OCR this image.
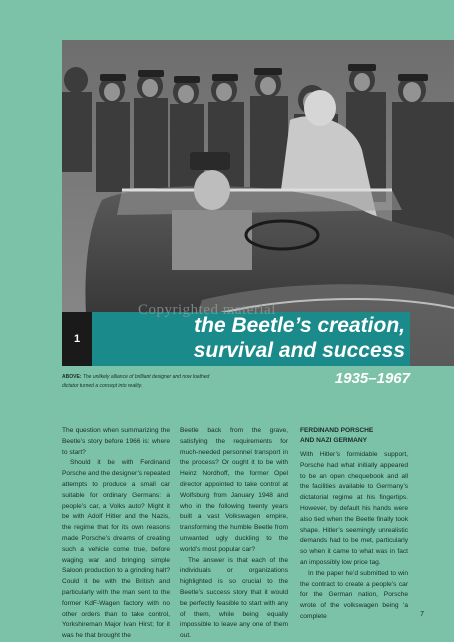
Copyrighted material
1
the Beetle’s creation,
survival and success
1935–1967
ABOVE: The unlikely alliance of brilliant designer and now loathed dictator turned a concept into reality.

The question when summarizing the Beetle’s story before 1966 is: where to start?

Should it be with Ferdinand Porsche and the designer’s repeated attempts to produce a small car suitable for ordinary Germans: a people’s car, a Volks auto? Might it be with Adolf Hitler and the Nazis, the regime that for its own reasons made Porsche’s dreams of creating such a vehicle come true, before waging war and bringing simple Saloon production to a grinding halt? Could it be with the British and particularly with the man sent to the former KdF-Wagen factory with no other orders than to take control, Yorkshireman Major Ivan Hirst; for it was he that brought the

Beetle back from the grave, satisfying the requirements for much-needed personnel transport in the process? Or ought it to be with Heinz Nordhoff, the former Opel director appointed to take control at Wolfsburg from January 1948 and who in the following twenty years built a vast Volkswagen empire, transforming the humble Beetle from unwanted ugly duckling to the world’s most popular car?

The answer is that each of the individuals or organizations highlighted is so crucial to the Beetle’s success story that it would be perfectly feasible to start with any of them, while being equally impossible to leave any one of them out.

FERDINAND PORSCHE
AND NAZI GERMANY

With Hitler’s formidable support, Porsche had what initially appeared to be an open chequebook and all the facilities available to Germany’s dictatorial regime at his fingertips. However, by default his hands were also tied when the Beetle finally took shape. Hitler’s seemingly unrealistic demands had to be met, particularly so when it came to what was in fact an impossibly low price tag.

In the paper he’d submitted to win the contract to create a people’s car for the German nation, Porsche wrote of the volkswagen being ‘a complete	7
